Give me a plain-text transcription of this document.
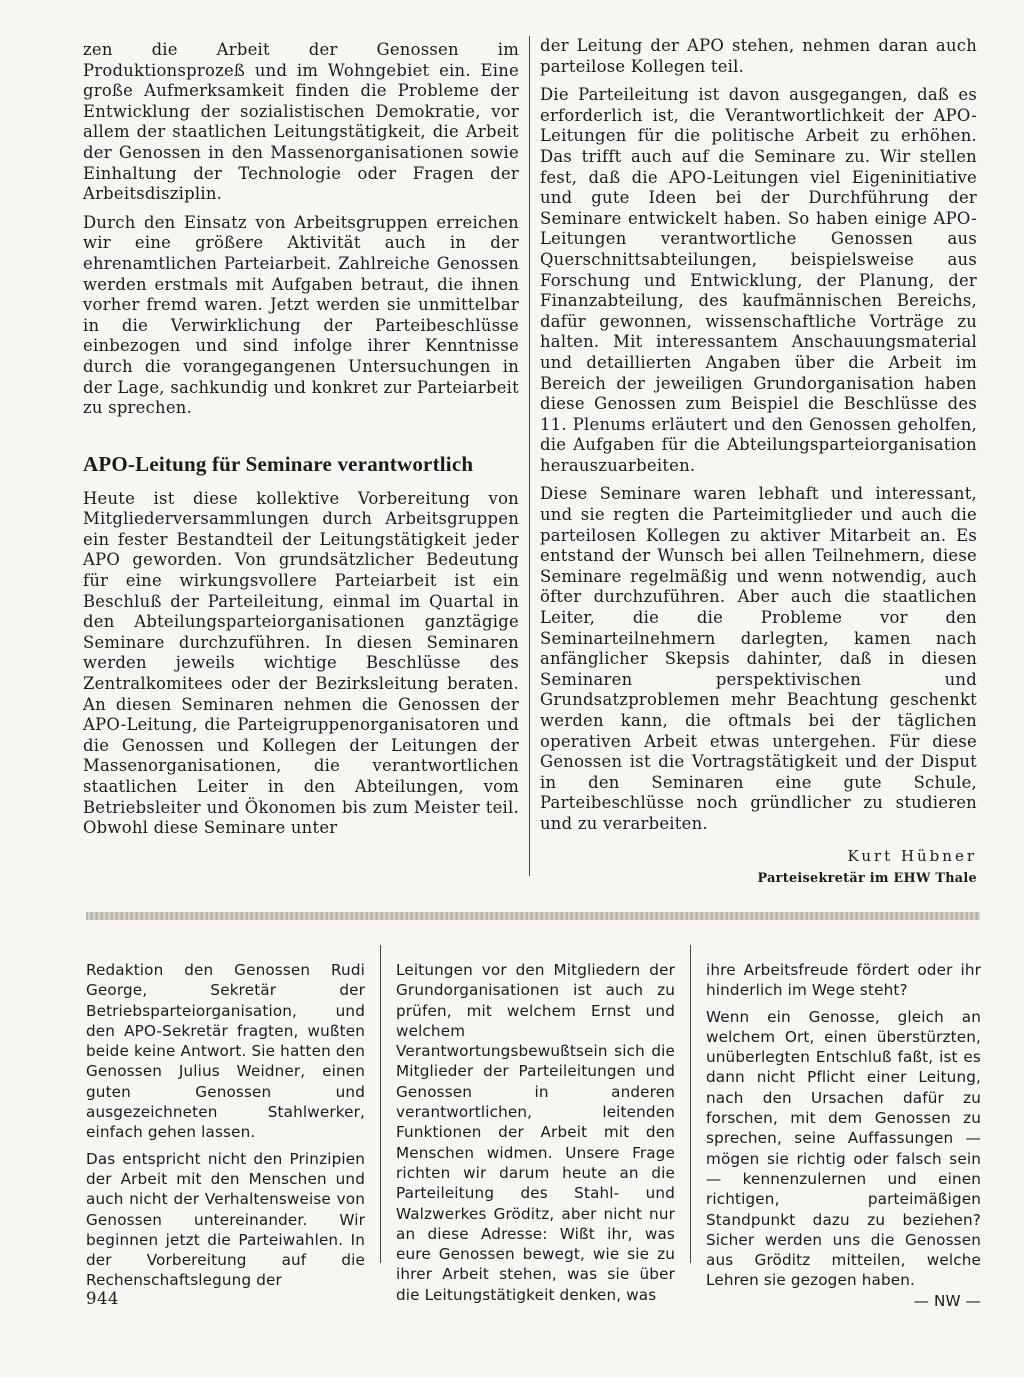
zen die Arbeit der Genossen im Produktionsprozeß und im Wohngebiet ein. Eine große Aufmerksamkeit finden die Probleme der Entwicklung der sozialistischen Demokratie, vor allem der staatlichen Leitungstätigkeit, die Arbeit der Genossen in den Massenorganisationen sowie Einhaltung der Technologie oder Fragen der Arbeitsdisziplin.

Durch den Einsatz von Arbeitsgruppen erreichen wir eine größere Aktivität auch in der ehrenamtlichen Parteiarbeit. Zahlreiche Genossen werden erstmals mit Aufgaben betraut, die ihnen vorher fremd waren. Jetzt werden sie unmittelbar in die Verwirklichung der Parteibeschlüsse einbezogen und sind infolge ihrer Kenntnisse durch die vorangegangenen Untersuchungen in der Lage, sachkundig und konkret zur Parteiarbeit zu sprechen.

APO-Leitung für Seminare verantwortlich

Heute ist diese kollektive Vorbereitung von Mitgliederversammlungen durch Arbeitsgruppen ein fester Bestandteil der Leitungstätigkeit jeder APO geworden. Von grundsätzlicher Bedeutung für eine wirkungsvollere Parteiarbeit ist ein Beschluß der Parteileitung, einmal im Quartal in den Abteilungsparteiorganisationen ganztägige Seminare durchzuführen. In diesen Seminaren werden jeweils wichtige Beschlüsse des Zentralkomitees oder der Bezirksleitung beraten. An diesen Seminaren nehmen die Genossen der APO-Leitung, die Parteigruppenorganisatoren und die Genossen und Kollegen der Leitungen der Massenorganisationen, die verantwortlichen staatlichen Leiter in den Abteilungen, vom Betriebsleiter und Ökonomen bis zum Meister teil. Obwohl diese Seminare unter

der Leitung der APO stehen, nehmen daran auch parteilose Kollegen teil.

Die Parteileitung ist davon ausgegangen, daß es erforderlich ist, die Verantwortlichkeit der APO-Leitungen für die politische Arbeit zu erhöhen. Das trifft auch auf die Seminare zu. Wir stellen fest, daß die APO-Leitungen viel Eigeninitiative und gute Ideen bei der Durchführung der Seminare entwickelt haben. So haben einige APO-Leitungen verantwortliche Genossen aus Querschnittsabteilungen, beispielsweise aus Forschung und Entwicklung, der Planung, der Finanzabteilung, des kaufmännischen Bereichs, dafür gewonnen, wissenschaftliche Vorträge zu halten. Mit interessantem Anschauungsmaterial und detaillierten Angaben über die Arbeit im Bereich der jeweiligen Grundorganisation haben diese Genossen zum Beispiel die Beschlüsse des 11. Plenums erläutert und den Genossen geholfen, die Aufgaben für die Abteilungsparteiorganisation herauszuarbeiten.

Diese Seminare waren lebhaft und interessant, und sie regten die Parteimitglieder und auch die parteilosen Kollegen zu aktiver Mitarbeit an. Es entstand der Wunsch bei allen Teilnehmern, diese Seminare regelmäßig und wenn notwendig, auch öfter durchzuführen. Aber auch die staatlichen Leiter, die die Probleme vor den Seminarteilnehmern darlegten, kamen nach anfänglicher Skepsis dahinter, daß in diesen Seminaren perspektivischen und Grundsatzproblemen mehr Beachtung geschenkt werden kann, die oftmals bei der täglichen operativen Arbeit etwas untergehen. Für diese Genossen ist die Vortragstätigkeit und der Disput in den Seminaren eine gute Schule, Parteibeschlüsse noch gründlicher zu studieren und zu verarbeiten.

Kurt Hübner
Parteisekretär im EHW Thale

Redaktion den Genossen Rudi George, Sekretär der Betriebsparteiorganisation, und den APO-Sekretär fragten, wußten beide keine Antwort. Sie hatten den Genossen Julius Weidner, einen guten Genossen und ausgezeichneten Stahlwerker, einfach gehen lassen.

Das entspricht nicht den Prinzipien der Arbeit mit den Menschen und auch nicht der Verhaltensweise von Genossen untereinander. Wir beginnen jetzt die Parteiwahlen. In der Vorbereitung auf die Rechenschaftslegung der

Leitungen vor den Mitgliedern der Grundorganisationen ist auch zu prüfen, mit welchem Ernst und welchem Verantwortungsbewußtsein sich die Mitglieder der Parteileitungen und Genossen in anderen verantwortlichen, leitenden Funktionen der Arbeit mit den Menschen widmen. Unsere Frage richten wir darum heute an die Parteileitung des Stahl- und Walzwerkes Gröditz, aber nicht nur an diese Adresse: Wißt ihr, was eure Genossen bewegt, wie sie zu ihrer Arbeit stehen, was sie über die Leitungstätigkeit denken, was

ihre Arbeitsfreude fördert oder ihr hinderlich im Wege steht?

Wenn ein Genosse, gleich an welchem Ort, einen überstürzten, unüberlegten Entschluß faßt, ist es dann nicht Pflicht einer Leitung, nach den Ursachen dafür zu forschen, mit dem Genossen zu sprechen, seine Auffassungen — mögen sie richtig oder falsch sein — kennenzulernen und einen richtigen, parteimäßigen Standpunkt dazu zu beziehen? Sicher werden uns die Genossen aus Gröditz mitteilen, welche Lehren sie gezogen haben.
— NW —

944
